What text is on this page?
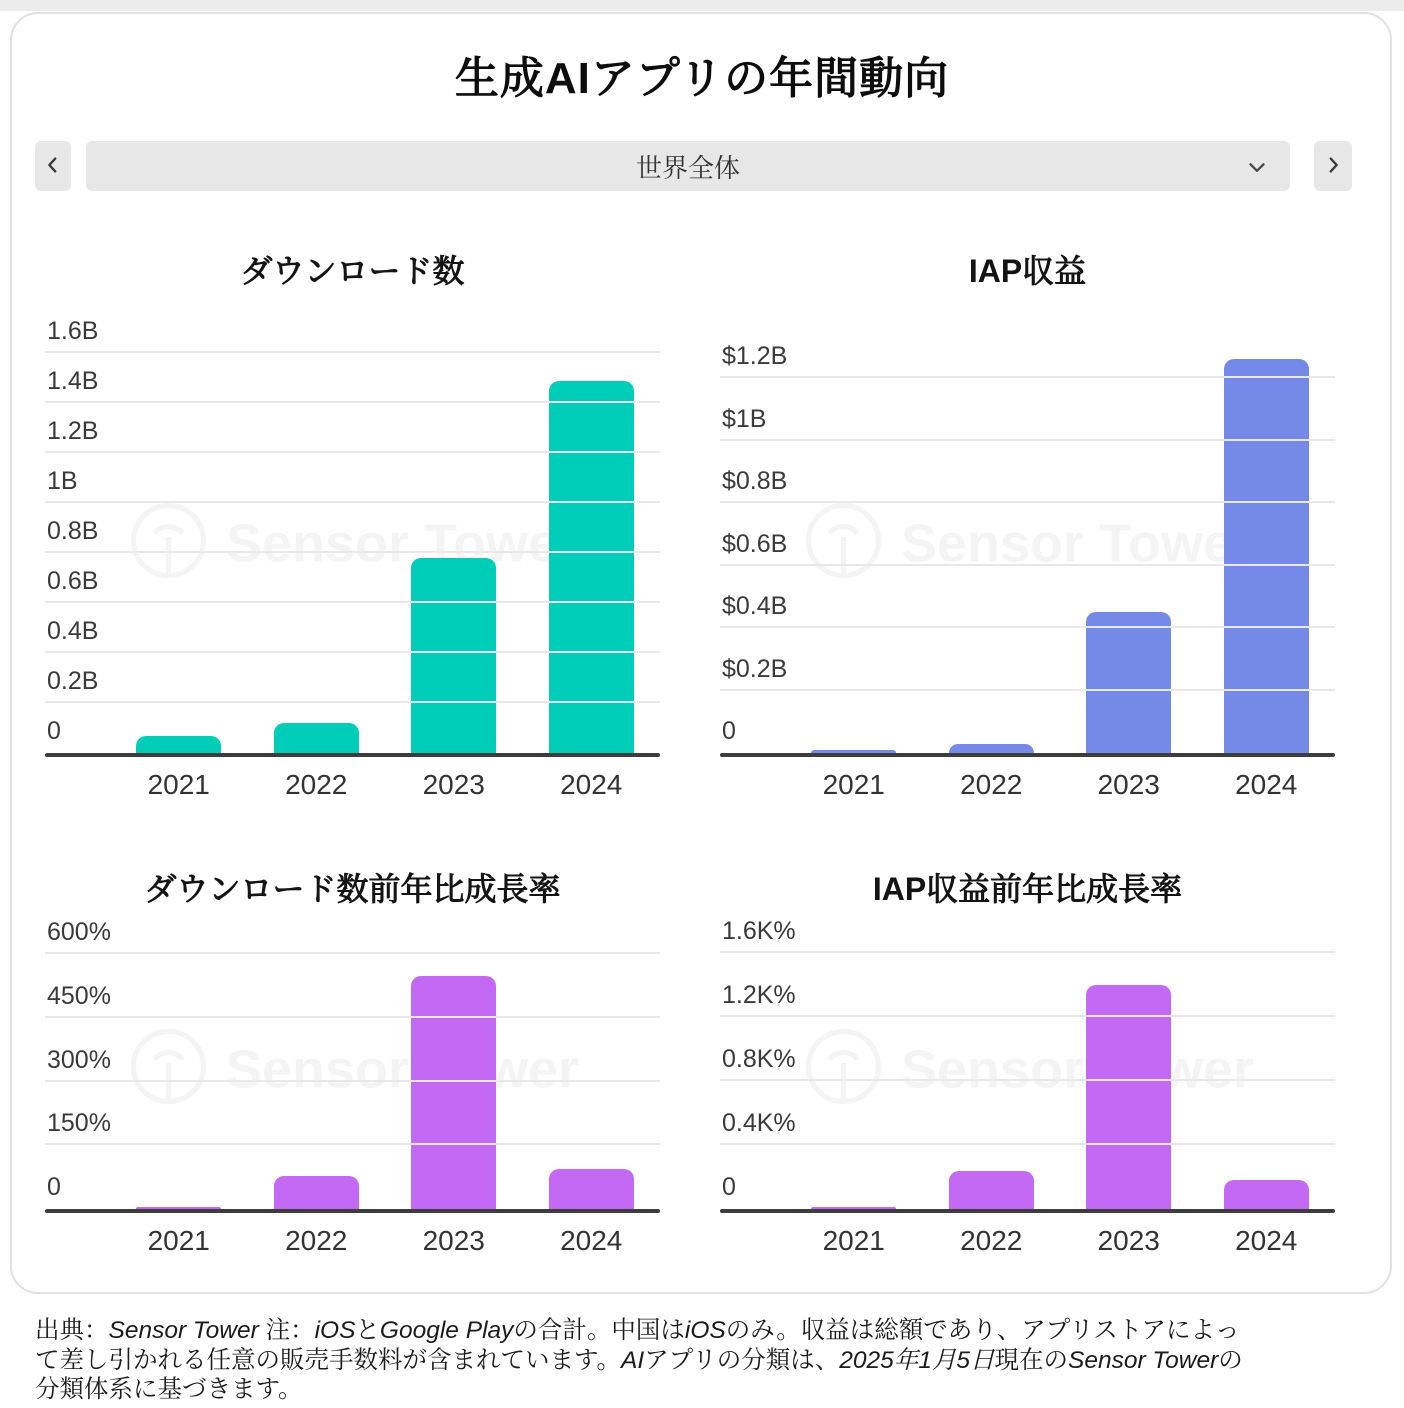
生成AIアプリの年間動向
世界全体
ダウンロード数
Sensor Tower
0
0.2B
0.4B
0.6B
0.8B
1B
1.2B
1.4B
1.6B
2021	2022	2023	2024
IAP収益
Sensor Tower
0
$0.2B
$0.4B
$0.6B
$0.8B
$1B
$1.2B
2021	2022	2023	2024
ダウンロード数前年比成長率
Sensor Tower
0
150%
300%
450%
600%
2021	2022	2023	2024
IAP収益前年比成長率
Sensor Tower
0
0.4K%
0.8K%
1.2K%
1.6K%
2021	2022	2023	2024
出典：Sensor Tower 注：iOSとGoogle Playの合計。中国はiOSのみ。収益は総額であり、アプリストアによって差し引かれる任意の販売手数料が含まれています。AIアプリの分類は、2025年1月5日現在のSensor Towerの分類体系に基づきます。
